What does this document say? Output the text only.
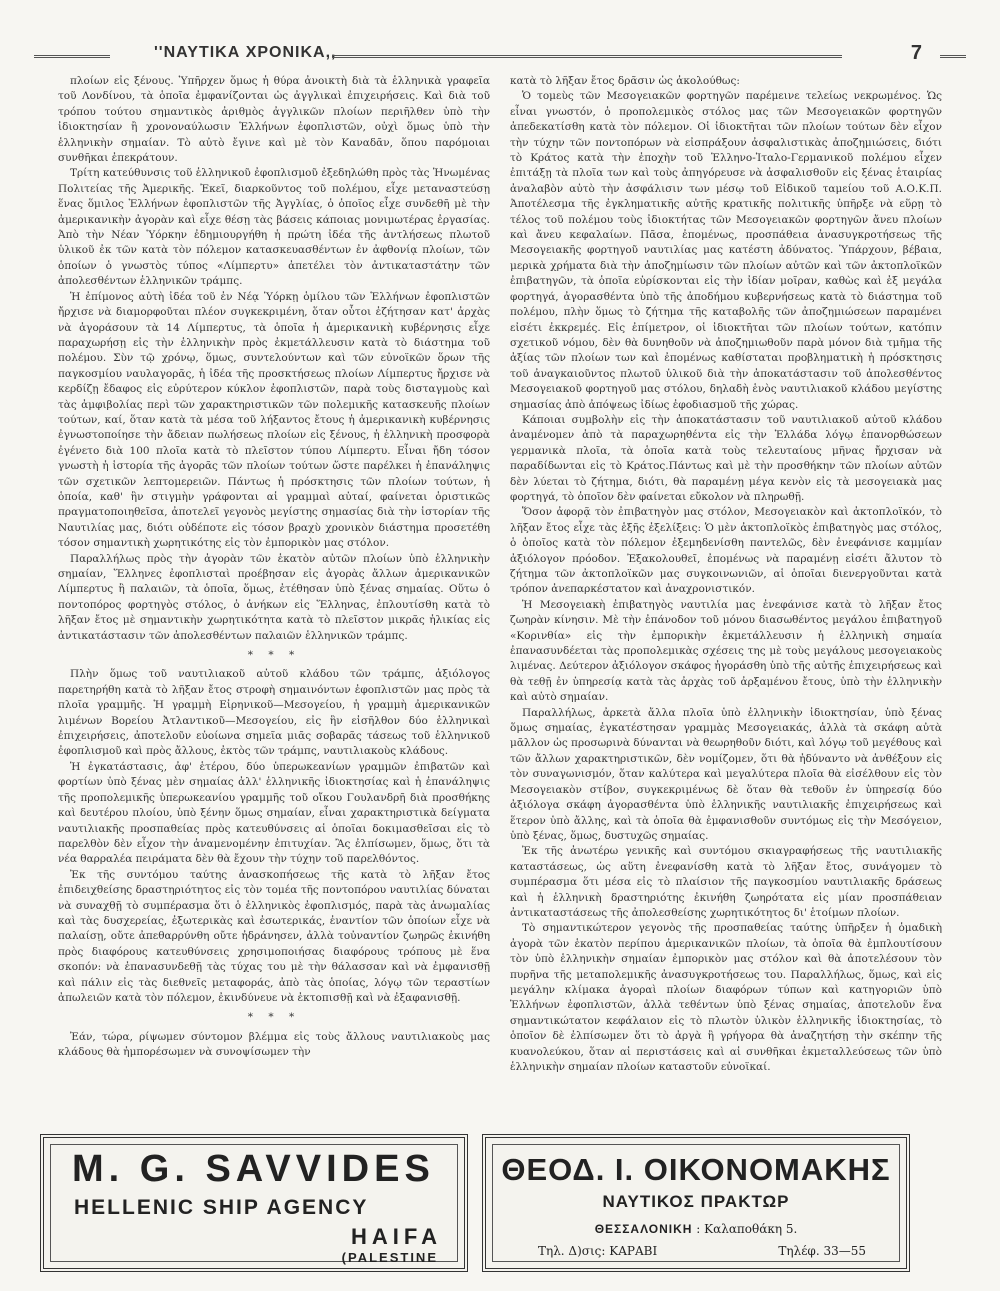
''ΝΑΥΤΙΚΑ ΧΡΟΝΙΚΑ,,	7

πλοίων εἰς ξένους. Ὑπῆρχεν ὅμως ἡ θύρα ἀνοικτὴ διὰ τὰ ἑλληνικὰ γραφεῖα τοῦ Λονδίνου, τὰ ὁποῖα ἐμφανίζονται ὡς ἀγγλικαὶ ἐπιχειρήσεις. Καὶ διὰ τοῦ τρόπου τούτου σημαντικὸς ἀριθμὸς ἀγγλικῶν πλοίων περιῆλθεν ὑπὸ τὴν ἰδιοκτησίαν ἢ χρονοναύλωσιν Ἑλλήνων ἐφοπλιστῶν, οὐχὶ ὅμως ὑπὸ τὴν ἑλληνικὴν σημαίαν. Τὸ αὐτὸ ἔγινε καὶ μὲ τὸν Καναδᾶν, ὅπου παρόμοιαι συνθῆκαι ἐπεκράτουν.

Τρίτη κατεύθυνσις τοῦ ἑλληνικοῦ ἐφοπλισμοῦ ἐξεδηλώθη πρὸς τὰς Ἡνωμένας Πολιτείας τῆς Ἀμερικῆς. Ἐκεῖ, διαρκοῦντος τοῦ πολέμου, εἶχε μεταναστεύσῃ ἕνας ὅμιλος Ἑλλήνων ἐφοπλιστῶν τῆς Ἀγγλίας, ὁ ὁποῖος εἶχε συνδεθῆ μὲ τὴν ἀμερικανικὴν ἀγορὰν καὶ εἶχε θέσῃ τὰς βάσεις κάποιας μονιμωτέρας ἐργασίας. Ἀπὸ τὴν Νέαν Ὑόρκην ἐδημιουργήθη ἡ πρώτη ἰδέα τῆς ἀντλήσεως πλωτοῦ ὑλικοῦ ἐκ τῶν κατὰ τὸν πόλεμον κατασκευασθέντων ἐν ἀφθονίᾳ πλοίων, τῶν ὁποίων ὁ γνωστὸς τύπος «Λίμπερτυ» ἀπετέλει τὸν ἀντικαταστάτην τῶν ἀπολεσθέντων ἑλληνικῶν τράμπς.

Ἡ ἐπίμονος αὐτὴ ἰδέα τοῦ ἐν Νέᾳ Ὑόρκῃ ὁμίλου τῶν Ἑλλήνων ἐφοπλιστῶν ἤρχισε νὰ διαμορφοῦται πλέον συγκεκριμένη, ὅταν οὗτοι ἐζήτησαν κατ' ἀρχὰς νὰ ἀγοράσουν τὰ 14 Λίμπερτυς, τὰ ὁποῖα ἡ ἀμερικανικὴ κυβέρνησις εἶχε παραχωρήσῃ εἰς τὴν ἑλληνικὴν πρὸς ἐκμετάλλευσιν κατὰ τὸ διάστημα τοῦ πολέμου. Σὺν τῷ χρόνῳ, ὅμως, συντελούντων καὶ τῶν εὐνοϊκῶν ὅρων τῆς παγκοσμίου ναυλαγορᾶς, ἡ ἰδέα τῆς προσκτήσεως πλοίων Λίμπερτυς ἤρχισε νὰ κερδίζῃ ἔδαφος εἰς εὐρύτερον κύκλον ἐφοπλιστῶν, παρὰ τοὺς δισταγμοὺς καὶ τὰς ἀμφιβολίας περὶ τῶν χαρακτηριστικῶν τῶν πολεμικῆς κατασκευῆς πλοίων τούτων, καί, ὅταν κατὰ τὰ μέσα τοῦ λήξαντος ἔτους ἡ ἀμερικανικὴ κυβέρνησις ἐγνωστοποίησε τὴν ἄδειαν πωλήσεως πλοίων εἰς ξένους, ἡ ἑλληνικὴ προσφορὰ ἐγένετο διὰ 100 πλοῖα κατὰ τὸ πλεῖστον τύπου Λίμπερτυ. Εἶναι ἤδη τόσον γνωστὴ ἡ ἱστορία τῆς ἀγορᾶς τῶν πλοίων τούτων ὥστε παρέλκει ἡ ἐπανάληψις τῶν σχετικῶν λεπτομερειῶν. Πάντως ἡ πρόσκτησις τῶν πλοίων τούτων, ἡ ὁποία, καθ' ἣν στιγμὴν γράφονται αἱ γραμμαὶ αὐταί, φαίνεται ὁριστικῶς πραγματοποιηθεῖσα, ἀποτελεῖ γεγονὸς μεγίστης σημασίας διὰ τὴν ἱστορίαν τῆς Ναυτιλίας μας, διότι οὐδέποτε εἰς τόσον βραχὺ χρονικὸν διάστημα προσετέθη τόσον σημαντικὴ χωρητικότης εἰς τὸν ἐμπορικὸν μας στόλον.

Παραλλήλως πρὸς τὴν ἀγορὰν τῶν ἑκατὸν αὐτῶν πλοίων ὑπὸ ἑλληνικὴν σημαίαν, Ἕλληνες ἐφοπλισταὶ προέβησαν εἰς ἀγορὰς ἄλλων ἀμερικανικῶν Λίμπερτυς ἢ παλαιῶν, τὰ ὁποῖα, ὅμως, ἐτέθησαν ὑπὸ ξένας σημαίας. Οὕτω ὁ ποντοπόρος φορτηγὸς στόλος, ὁ ἀνήκων εἰς Ἕλληνας, ἐπλουτίσθη κατὰ τὸ λῆξαν ἔτος μὲ σημαντικὴν χωρητικότητα κατὰ τὸ πλεῖστον μικρᾶς ἡλικίας εἰς ἀντικατάστασιν τῶν ἀπολεσθέντων παλαιῶν ἑλληνικῶν τράμπς.

* * *

Πλὴν ὅμως τοῦ ναυτιλιακοῦ αὐτοῦ κλάδου τῶν τράμπς, ἀξιόλογος παρετηρήθη κατὰ τὸ λῆξαν ἔτος στροφὴ σημαινόντων ἐφοπλιστῶν μας πρὸς τὰ πλοῖα γραμμῆς. Ἡ γραμμὴ Εἰρηνικοῦ—Μεσογείου, ἡ γραμμὴ ἀμερικανικῶν λιμένων Βορείου Ἀτλαντικοῦ—Μεσογείου, εἰς ἣν εἰσῆλθον δύο ἑλληνικαὶ ἐπιχειρήσεις, ἀποτελοῦν εὐοίωνα σημεῖα μιᾶς σοβαρᾶς τάσεως τοῦ ἑλληνικοῦ ἐφοπλισμοῦ καὶ πρὸς ἄλλους, ἐκτὸς τῶν τράμπς, ναυτιλιακοὺς κλάδους.

Ἡ ἐγκατάστασις, ἀφ' ἑτέρου, δύο ὑπερωκεανίων γραμμῶν ἐπιβατῶν καὶ φορτίων ὑπὸ ξένας μὲν σημαίας ἀλλ' ἑλληνικῆς ἰδιοκτησίας καὶ ἡ ἐπανάληψις τῆς προπολεμικῆς ὑπερωκεανίου γραμμῆς τοῦ οἴκου Γουλανδρῆ διὰ προσθήκης καὶ δευτέρου πλοίου, ὑπὸ ξένην ὅμως σημαίαν, εἶναι χαρακτηριστικὰ δείγματα ναυτιλιακῆς προσπαθείας πρὸς κατευθύνσεις αἱ ὁποῖαι δοκιμασθεῖσαι εἰς τὸ παρελθὸν δὲν εἶχον τὴν ἀναμενομένην ἐπιτυχίαν. Ἂς ἐλπίσωμεν, ὅμως, ὅτι τὰ νέα θαρραλέα πειράματα δὲν θὰ ἔχουν τὴν τύχην τοῦ παρελθόντος.

Ἐκ τῆς συντόμου ταύτης ἀνασκοπήσεως τῆς κατὰ τὸ λῆξαν ἔτος ἐπιδειχθείσης δραστηριότητος εἰς τὸν τομέα τῆς ποντοπόρου ναυτιλίας δύναται νὰ συναχθῇ τὸ συμπέρασμα ὅτι ὁ ἑλληνικὸς ἐφοπλισμός, παρὰ τὰς ἀνωμαλίας καὶ τὰς δυσχερείας, ἐξωτερικὰς καὶ ἐσωτερικάς, ἐναντίον τῶν ὁποίων εἶχε νὰ παλαίσῃ, οὔτε ἀπεθαρρύνθη οὔτε ἠδράνησεν, ἀλλὰ τοὐναντίον ζωηρῶς ἐκινήθη πρὸς διαφόρους κατευθύνσεις χρησιμοποιήσας διαφόρους τρόπους μὲ ἕνα σκοπόν: νὰ ἐπανασυνδεθῇ τὰς τύχας του μὲ τὴν θάλασσαν καὶ νὰ ἐμφανισθῇ καὶ πάλιν εἰς τὰς διεθνεῖς μεταφοράς, ἀπὸ τὰς ὁποίας, λόγῳ τῶν τεραστίων ἀπωλειῶν κατὰ τὸν πόλεμον, ἐκινδύνευε νὰ ἐκτοπισθῇ καὶ νὰ ἐξαφανισθῇ.

* * *

Ἐάν, τώρα, ρίψωμεν σύντομον βλέμμα εἰς τοὺς ἄλλους ναυτιλιακοὺς μας κλάδους θὰ ἠμπορέσωμεν νὰ συνοψίσωμεν τὴν

κατὰ τὸ λῆξαν ἔτος δρᾶσιν ὡς ἀκολούθως:

Ὁ τομεὺς τῶν Μεσογειακῶν φορτηγῶν παρέμεινε τελείως νεκρωμένος. Ὡς εἶναι γνωστόν, ὁ προπολεμικὸς στόλος μας τῶν Μεσογειακῶν φορτηγῶν ἀπεδεκατίσθη κατὰ τὸν πόλεμον. Οἱ ἰδιοκτῆται τῶν πλοίων τούτων δὲν εἶχον τὴν τύχην τῶν ποντοπόρων νὰ εἰσπράξουν ἀσφαλιστικὰς ἀποζημιώσεις, διότι τὸ Κράτος κατὰ τὴν ἐποχὴν τοῦ Ἑλληνο-Ἰταλο-Γερμανικοῦ πολέμου εἶχεν ἐπιτάξῃ τὰ πλοῖα των καὶ τοὺς ἀπηγόρευσε νὰ ἀσφαλισθοῦν εἰς ξένας ἑταιρίας ἀναλαβὸν αὐτὸ τὴν ἀσφάλισιν των μέσῳ τοῦ Εἰδικοῦ ταμείου τοῦ Α.Ο.Κ.Π. Ἀποτέλεσμα τῆς ἐγκληματικῆς αὐτῆς κρατικῆς πολιτικῆς ὑπῆρξε νὰ εὕρῃ τὸ τέλος τοῦ πολέμου τοὺς ἰδιοκτήτας τῶν Μεσογειακῶν φορτηγῶν ἄνευ πλοίων καὶ ἄνευ κεφαλαίων. Πᾶσα, ἐπομένως, προσπάθεια ἀνασυγκροτήσεως τῆς Μεσογειακῆς φορτηγοῦ ναυτιλίας μας κατέστη ἀδύνατος. Ὑπάρχουν, βέβαια, μερικὰ χρήματα διὰ τὴν ἀποζημίωσιν τῶν πλοίων αὐτῶν καὶ τῶν ἀκτοπλοϊκῶν ἐπιβατηγῶν, τὰ ὁποῖα εὑρίσκονται εἰς τὴν ἰδίαν μοῖραν, καθὼς καὶ ἐξ μεγάλα φορτηγά, ἀγορασθέντα ὑπὸ τῆς ἀποδήμου κυβερνήσεως κατὰ τὸ διάστημα τοῦ πολέμου, πλὴν ὅμως τὸ ζήτημα τῆς καταβολῆς τῶν ἀποζημιώσεων παραμένει εἰσέτι ἐκκρεμές. Εἰς ἐπίμετρον, οἱ ἰδιοκτῆται τῶν πλοίων τούτων, κατόπιν σχετικοῦ νόμου, δὲν θὰ δυνηθοῦν νὰ ἀποζημιωθοῦν παρὰ μόνον διὰ τμῆμα τῆς ἀξίας τῶν πλοίων των καὶ ἐπομένως καθίσταται προβληματικὴ ἡ πρόσκτησις τοῦ ἀναγκαιοῦντος πλωτοῦ ὑλικοῦ διὰ τὴν ἀποκατάστασιν τοῦ ἀπολεσθέντος Μεσογειακοῦ φορτηγοῦ μας στόλου, δηλαδὴ ἑνὸς ναυτιλιακοῦ κλάδου μεγίστης σημασίας ἀπὸ ἀπόψεως ἰδίως ἐφοδιασμοῦ τῆς χώρας.

Κάποιαι συμβολὴν εἰς τὴν ἀποκατάστασιν τοῦ ναυτιλιακοῦ αὐτοῦ κλάδου ἀναμένομεν ἀπὸ τὰ παραχωρηθέντα εἰς τὴν Ἑλλάδα λόγῳ ἐπανορθώσεων γερμανικὰ πλοῖα, τὰ ὁποῖα κατὰ τοὺς τελευταίους μῆνας ἤρχισαν νὰ παραδίδωνται εἰς τὸ Κράτος.Πάντως καὶ μὲ τὴν προσθήκην τῶν πλοίων αὐτῶν δὲν λύεται τὸ ζήτημα, διότι, θὰ παραμένῃ μέγα κενὸν εἰς τὰ μεσογειακὰ μας φορτηγά, τὸ ὁποῖον δὲν φαίνεται εὔκολον νὰ πληρωθῇ.

Ὅσον ἀφορᾷ τὸν ἐπιβατηγὸν μας στόλον, Μεσογειακὸν καὶ ἀκτοπλοϊκόν, τὸ λῆξαν ἔτος εἶχε τὰς ἑξῆς ἐξελίξεις: Ὁ μὲν ἀκτοπλοϊκὸς ἐπιβατηγὸς μας στόλος, ὁ ὁποῖος κατὰ τὸν πόλεμον ἐξεμηδενίσθη παντελῶς, δὲν ἐνεφάνισε καμμίαν ἀξιόλογον πρόοδον. Ἐξακολουθεῖ, ἐπομένως νὰ παραμένῃ εἰσέτι ἄλυτον τὸ ζήτημα τῶν ἀκτοπλοϊκῶν μας συγκοινωνιῶν, αἱ ὁποῖαι διενεργοῦνται κατὰ τρόπον ἀνεπαρκέστατον καὶ ἀναχρονιστικόν.

Ἡ Μεσογειακὴ ἐπιβατηγὸς ναυτιλία μας ἐνεφάνισε κατὰ τὸ λῆξαν ἔτος ζωηρὰν κίνησιν. Μὲ τὴν ἐπάνοδον τοῦ μόνου διασωθέντος μεγάλου ἐπιβατηγοῦ «Κορινθία» εἰς τὴν ἐμπορικὴν ἐκμετάλλευσιν ἡ ἑλληνικὴ σημαία ἐπανασυνδέεται τὰς προπολεμικὰς σχέσεις της μὲ τοὺς μεγάλους μεσογειακοὺς λιμένας. Δεύτερον ἀξιόλογον σκάφος ἠγοράσθη ὑπὸ τῆς αὐτῆς ἐπιχειρήσεως καὶ θὰ τεθῇ ἐν ὑπηρεσίᾳ κατὰ τὰς ἀρχὰς τοῦ ἀρξαμένου ἔτους, ὑπὸ τὴν ἑλληνικὴν καὶ αὐτὸ σημαίαν.

Παραλλήλως, ἀρκετὰ ἄλλα πλοῖα ὑπὸ ἑλληνικὴν ἰδιοκτησίαν, ὑπὸ ξένας ὅμως σημαίας, ἐγκατέστησαν γραμμὰς Μεσογειακάς, ἀλλὰ τὰ σκάφη αὐτὰ μᾶλλον ὡς προσωρινὰ δύνανται νὰ θεωρηθοῦν διότι, καὶ λόγῳ τοῦ μεγέθους καὶ τῶν ἄλλων χαρακτηριστικῶν, δὲν νομίζομεν, ὅτι θὰ ἠδύναντο νὰ ἀνθέξουν εἰς τὸν συναγωνισμόν, ὅταν καλύτερα καὶ μεγαλύτερα πλοῖα θὰ εἰσέλθουν εἰς τὸν Μεσογειακὸν στίβον, συγκεκριμένως δὲ ὅταν θὰ τεθοῦν ἐν ὑπηρεσίᾳ δύο ἀξιόλογα σκάφη ἀγορασθέντα ὑπὸ ἑλληνικῆς ναυτιλιακῆς ἐπιχειρήσεως καὶ ἕτερον ὑπὸ ἄλλης, καὶ τὰ ὁποῖα θὰ ἐμφανισθοῦν συντόμως εἰς τὴν Μεσόγειον, ὑπὸ ξένας, ὅμως, δυστυχῶς σημαίας.

Ἐκ τῆς ἀνωτέρω γενικῆς καὶ συντόμου σκιαγραφήσεως τῆς ναυτιλιακῆς καταστάσεως, ὡς αὕτη ἐνεφανίσθη κατὰ τὸ λῆξαν ἔτος, συνάγομεν τὸ συμπέρασμα ὅτι μέσα εἰς τὸ πλαίσιον τῆς παγκοσμίου ναυτιλιακῆς δράσεως καὶ ἡ ἑλληνικὴ δραστηριότης ἐκινήθη ζωηρότατα εἰς μίαν προσπάθειαν ἀντικαταστάσεως τῆς ἀπολεσθείσης χωρητικότητος δι' ἑτοίμων πλοίων.

Τὸ σημαντικώτερον γεγονὸς τῆς προσπαθείας ταύτης ὑπῆρξεν ἡ ὁμαδικὴ ἀγορὰ τῶν ἑκατὸν περίπου ἀμερικανικῶν πλοίων, τὰ ὁποῖα θὰ ἐμπλουτίσουν τὸν ὑπὸ ἑλληνικὴν σημαίαν ἐμπορικὸν μας στόλον καὶ θὰ ἀποτελέσουν τὸν πυρῆνα τῆς μεταπολεμικῆς ἀνασυγκροτήσεως του. Παραλλήλως, ὅμως, καὶ εἰς μεγάλην κλίμακα ἀγοραὶ πλοίων διαφόρων τύπων καὶ κατηγοριῶν ὑπὸ Ἑλλήνων ἐφοπλιστῶν, ἀλλὰ τεθέντων ὑπὸ ξένας σημαίας, ἀποτελοῦν ἕνα σημαντικώτατον κεφάλαιον εἰς τὸ πλωτὸν ὑλικὸν ἑλληνικῆς ἰδιοκτησίας, τὸ ὁποῖον δὲ ἐλπίσωμεν ὅτι τὸ ἀργὰ ἢ γρήγορα θὰ ἀναζητήσῃ τὴν σκέπην τῆς κυανολεύκου, ὅταν αἱ περιστάσεις καὶ αἱ συνθῆκαι ἐκμεταλλεύσεως τῶν ὑπὸ ἑλληνικὴν σημαίαν πλοίων καταστοῦν εὐνοϊκαί.

M. G. SAVVIDES
HELLENIC SHIP AGENCY
HAIFA
(PALESTINE
ΘΕΟΔ. Ι. ΟΙΚΟΝΟΜΑΚΗΣ
ΝΑΥΤΙΚΟΣ ΠΡΑΚΤΩΡ
ΘΕΣΣΑΛΟΝΙΚΗ : Καλαποθάκη 5.
Τηλ. Δ)σις: ΚΑΡΑΒΙ	Τηλέφ. 33—55
